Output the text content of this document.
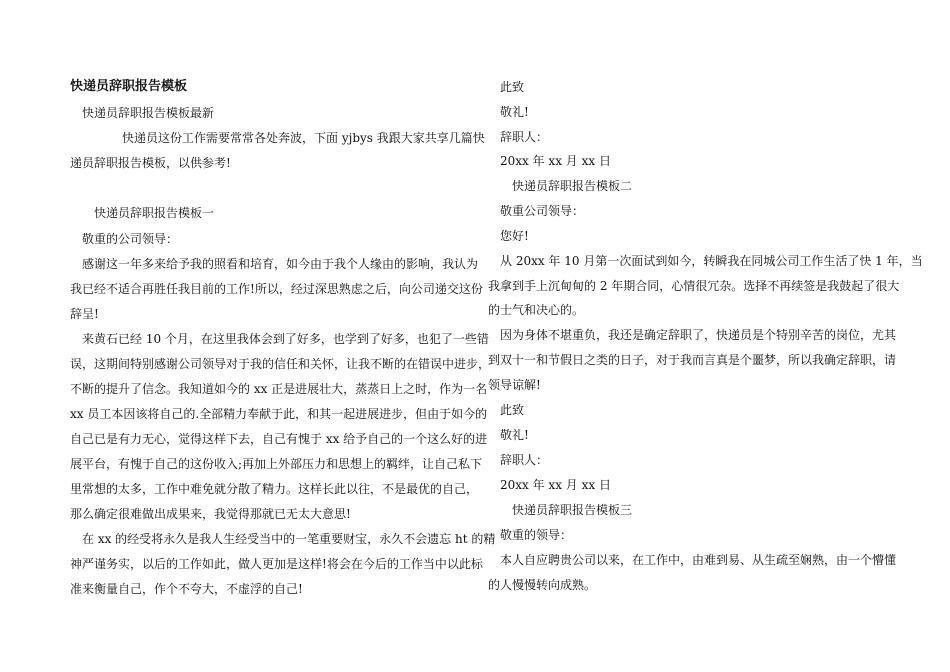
快递员辞职报告模板
快递员辞职报告模板最新
快递员这份工作需要常常各处奔波，下面 yjbys 我跟大家共享几篇快
递员辞职报告模板，以供参考!
快递员辞职报告模板一
敬重的公司领导：
感谢这一年多来给予我的照看和培育，如今由于我个人缘由的影响，我认为
我已经不适合再胜任我目前的工作!所以，经过深思熟虑之后，向公司递交这份
辞呈!
来黄石已经 10 个月，在这里我体会到了好多，也学到了好多，也犯了一些错
误，这期间特别感谢公司领导对于我的信任和关怀，让我不断的在错误中进步，
不断的提升了信念。我知道如今的 xx 正是进展壮大，蒸蒸日上之时，作为一名
xx 员工本因该将自己的.全部精力奉献于此，和其一起进展进步，但由于如今的
自己已是有力无心，觉得这样下去，自己有愧于 xx 给予自己的一个这么好的进
展平台，有愧于自己的这份收入;再加上外部压力和思想上的羁绊，让自己私下
里常想的太多，工作中难免就分散了精力。这样长此以往，不是最优的自己，
那么确定很难做出成果来，我觉得那就已无太大意思!
在 xx 的经受将永久是我人生经受当中的一笔重要财宝，永久不会遗忘 ht 的精
神严谨务实，以后的工作如此，做人更加是这样!将会在今后的工作当中以此标
准来衡量自己，作个不夸大，不虚浮的自己!
此致
敬礼!
辞职人：
20xx 年 xx 月 xx 日
快递员辞职报告模板二
敬重公司领导：
您好!
从 20xx 年 10 月第一次面试到如今，转瞬我在同城公司工作生活了快 1 年，当
我拿到手上沉甸甸的 2 年期合同，心情很冗杂。选择不再续签是我鼓起了很大
的士气和决心的。
因为身体不堪重负，我还是确定辞职了，快递员是个特别辛苦的岗位，尤其
到双十一和节假日之类的日子，对于我而言真是个噩梦，所以我确定辞职，请
领导谅解!
此致
敬礼!
辞职人：
20xx 年 xx 月 xx 日
快递员辞职报告模板三
敬重的领导：
本人自应聘贵公司以来，在工作中，由难到易、从生疏至娴熟，由一个懵懂
的人慢慢转向成熟。
